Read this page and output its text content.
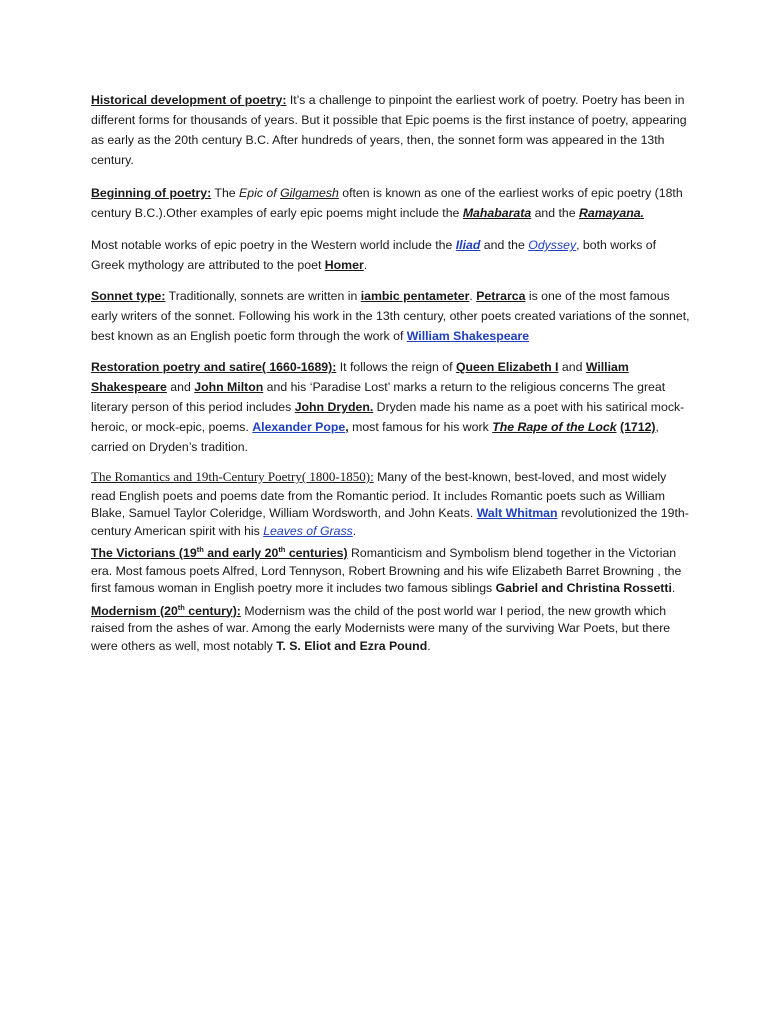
Historical development of poetry: It’s a challenge to pinpoint the earliest work of poetry. Poetry has been in different forms for thousands of years. But it possible that Epic poems is the first instance of poetry, appearing as early as the 20th century B.C. After hundreds of years, then, the sonnet form was appeared in the 13th century.

Beginning of poetry: The Epic of Gilgamesh often is known as one of the earliest works of epic poetry (18th century B.C.).Other examples of early epic poems might include the Mahabarata and the Ramayana.

Most notable works of epic poetry in the Western world include the Iliad and the Odyssey, both works of Greek mythology are attributed to the poet Homer.

Sonnet type: Traditionally, sonnets are written in iambic pentameter. Petrarca is one of the most famous early writers of the sonnet. Following his work in the 13th century, other poets created variations of the sonnet, best known as an English poetic form through the work of William Shakespeare

Restoration poetry and satire( 1660-1689): It follows the reign of Queen Elizabeth I and William Shakespeare and John Milton and his ‘Paradise Lost’ marks a return to the religious concerns The great literary person of this period includes John Dryden. Dryden made his name as a poet with his satirical mock-heroic, or mock-epic, poems. Alexander Pope, most famous for his work The Rape of the Lock (1712), carried on Dryden’s tradition.

The Romantics and 19th-Century Poetry( 1800-1850): Many of the best-known, best-loved, and most widely read English poets and poems date from the Romantic period. It includes Romantic poets such as William Blake, Samuel Taylor Coleridge, William Wordsworth, and John Keats. Walt Whitman revolutionized the 19th-century American spirit with his Leaves of Grass.

The Victorians (19th and early 20th centuries) Romanticism and Symbolism blend together in the Victorian era. Most famous poets Alfred, Lord Tennyson, Robert Browning and his wife Elizabeth Barret Browning , the first famous woman in English poetry more it includes two famous siblings Gabriel and Christina Rossetti.

Modernism (20th century): Modernism was the child of the post world war I period, the new growth which raised from the ashes of war. Among the early Modernists were many of the surviving War Poets, but there were others as well, most notably T. S. Eliot and Ezra Pound.
